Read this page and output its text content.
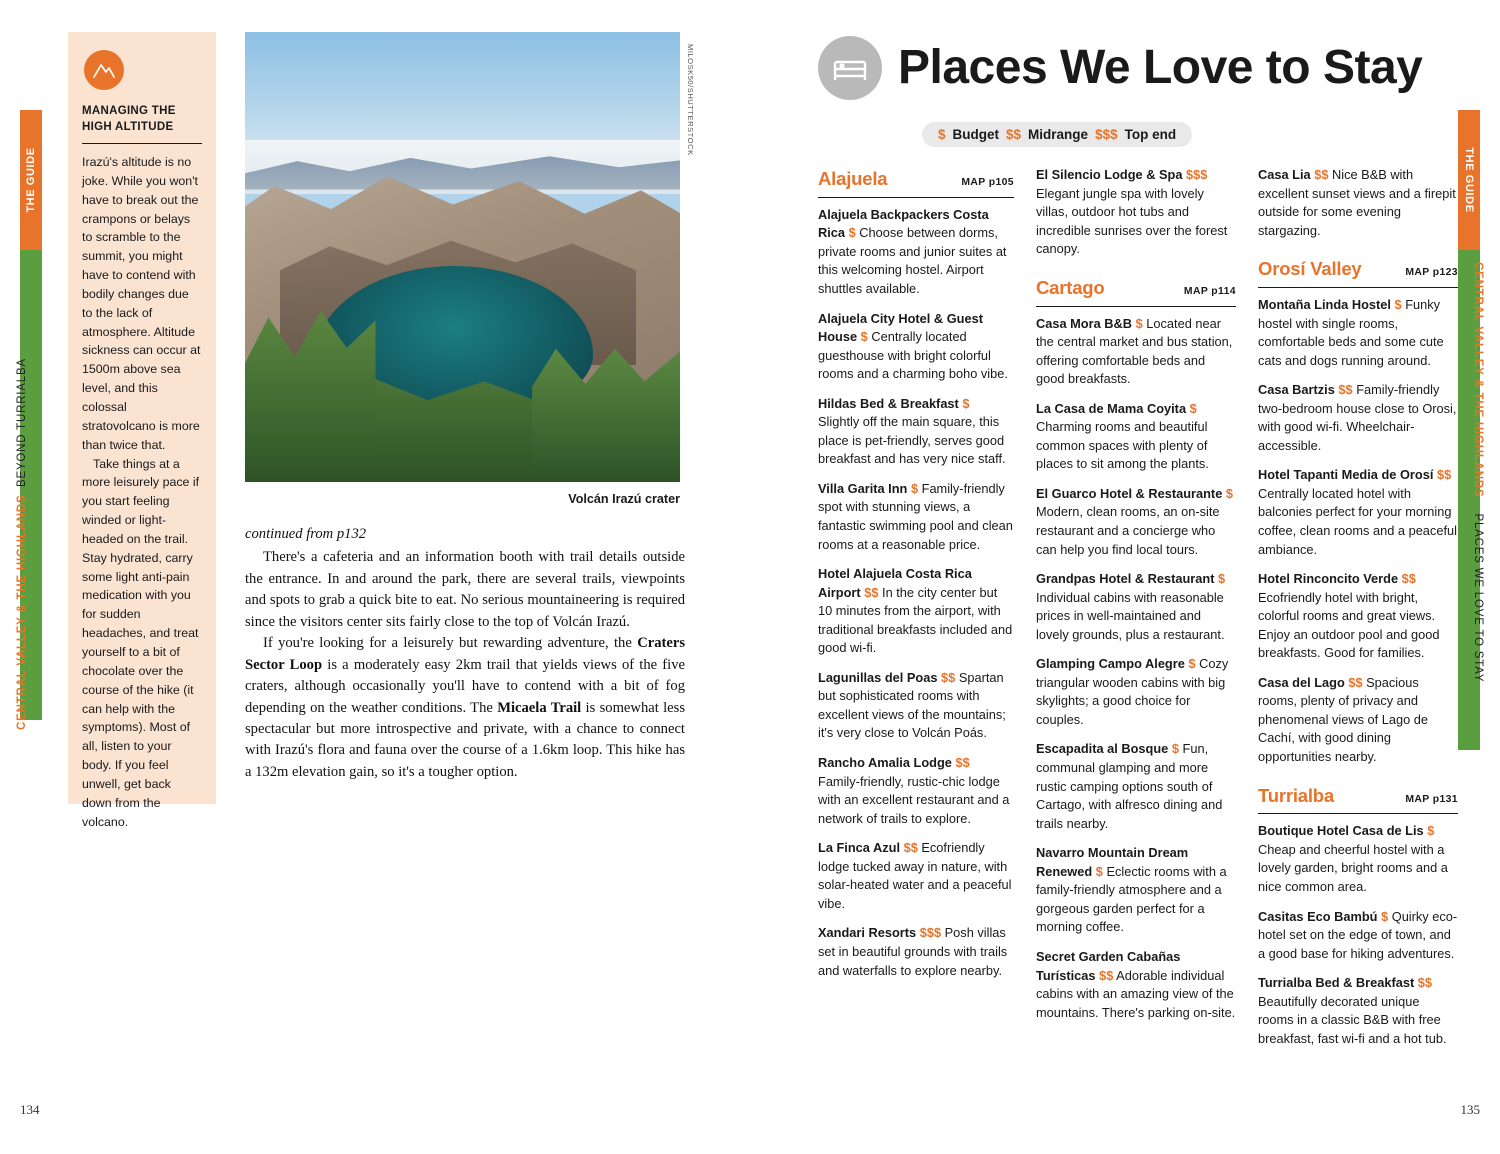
THE GUIDE
CENTRAL VALLEY & THE HIGHLANDS

BEYOND TURRIALBA
MANAGING THE HIGH ALTITUDE

Irazú's altitude is no joke. While you won't have to break out the crampons or belays to scramble to the summit, you might have to contend with bodily changes due to the lack of atmosphere. Altitude sickness can occur at 1500m above sea level, and this colossal stratovolcano is more than twice that.

Take things at a more leisurely pace if you start feeling winded or light-headed on the trail. Stay hydrated, carry some light anti-pain medication with you for sudden headaches, and treat yourself to a bit of chocolate over the course of the hike (it can help with the symptoms). Most of all, listen to your body. If you feel unwell, get back down from the volcano.

MILOSK50/SHUTTERSTOCK
Volcán Irazú crater

continued from p132

There's a cafeteria and an information booth with trail details outside the entrance. In and around the park, there are several trails, viewpoints and spots to grab a quick bite to eat. No serious mountaineering is required since the visitors center sits fairly close to the top of Volcán Irazú.

If you're looking for a leisurely but rewarding adventure, the Craters Sector Loop is a moderately easy 2km trail that yields views of the five craters, although occasionally you'll have to contend with a bit of fog depending on the weather conditions. The Micaela Trail is somewhat less spectacular but more introspective and private, with a chance to connect with Irazú's flora and fauna over the course of a 1.6km loop. This hike has a 132m elevation gain, so it's a tougher option.

134
THE GUIDE
CENTRAL VALLEY & THE HIGHLANDS    PLACES WE LOVE TO STAY
Places We Love to Stay
$ Budget $$ Midrange $$$ Top end
Alajuela	MAP p105

Alajuela Backpackers Costa Rica $ Choose between dorms, private rooms and junior suites at this welcoming hostel. Airport shuttles available.

Alajuela City Hotel & Guest House $ Centrally located guesthouse with bright colorful rooms and a charming boho vibe.

Hildas Bed & Breakfast $ Slightly off the main square, this place is pet-friendly, serves good breakfast and has very nice staff.

Villa Garita Inn $ Family-friendly spot with stunning views, a fantastic swimming pool and clean rooms at a reasonable price.

Hotel Alajuela Costa Rica Airport $$ In the city center but 10 minutes from the airport, with traditional breakfasts included and good wi-fi.

Lagunillas del Poas $$ Spartan but sophisticated rooms with excellent views of the mountains; it's very close to Volcán Poás.

Rancho Amalia Lodge $$ Family-friendly, rustic-chic lodge with an excellent restaurant and a network of trails to explore.

La Finca Azul $$ Ecofriendly lodge tucked away in nature, with solar-heated water and a peaceful vibe.

Xandari Resorts $$$ Posh villas set in beautiful grounds with trails and waterfalls to explore nearby.

El Silencio Lodge & Spa $$$ Elegant jungle spa with lovely villas, outdoor hot tubs and incredible sunrises over the forest canopy.

Cartago	MAP p114

Casa Mora B&B $ Located near the central market and bus station, offering comfortable beds and good breakfasts.

La Casa de Mama Coyita $ Charming rooms and beautiful common spaces with plenty of places to sit among the plants.

El Guarco Hotel & Restaurante $ Modern, clean rooms, an on-site restaurant and a concierge who can help you find local tours.

Grandpas Hotel & Restaurant $ Individual cabins with reasonable prices in well-maintained and lovely grounds, plus a restaurant.

Glamping Campo Alegre $ Cozy triangular wooden cabins with big skylights; a good choice for couples.

Escapadita al Bosque $ Fun, communal glamping and more rustic camping options south of Cartago, with alfresco dining and trails nearby.

Navarro Mountain Dream Renewed $ Eclectic rooms with a family-friendly atmosphere and a gorgeous garden perfect for a morning coffee.

Secret Garden Cabañas Turísticas $$ Adorable individual cabins with an amazing view of the mountains. There's parking on-site.

Casa Lia $$ Nice B&B with excellent sunset views and a firepit outside for some evening stargazing.

Orosí Valley	MAP p123

Montaña Linda Hostel $ Funky hostel with single rooms, comfortable beds and some cute cats and dogs running around.

Casa Bartzis $$ Family-friendly two-bedroom house close to Orosi, with good wi-fi. Wheelchair-accessible.

Hotel Tapanti Media de Orosí $$ Centrally located hotel with balconies perfect for your morning coffee, clean rooms and a peaceful ambiance.

Hotel Rinconcito Verde $$ Ecofriendly hotel with bright, colorful rooms and great views. Enjoy an outdoor pool and good breakfasts. Good for families.

Casa del Lago $$ Spacious rooms, plenty of privacy and phenomenal views of Lago de Cachí, with good dining opportunities nearby.

Turrialba	MAP p131

Boutique Hotel Casa de Lis $ Cheap and cheerful hostel with a lovely garden, bright rooms and a nice common area.

Casitas Eco Bambú $ Quirky eco-hotel set on the edge of town, and a good base for hiking adventures.

Turrialba Bed & Breakfast $$ Beautifully decorated unique rooms in a classic B&B with free breakfast, fast wi-fi and a hot tub.

135
